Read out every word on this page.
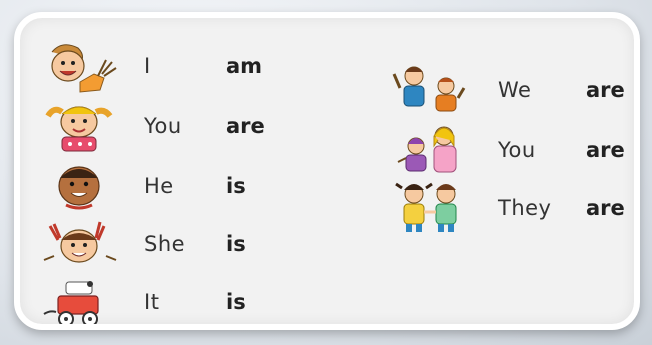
I	am
You are
He is
She is
It	is
We	are
You are
They are
